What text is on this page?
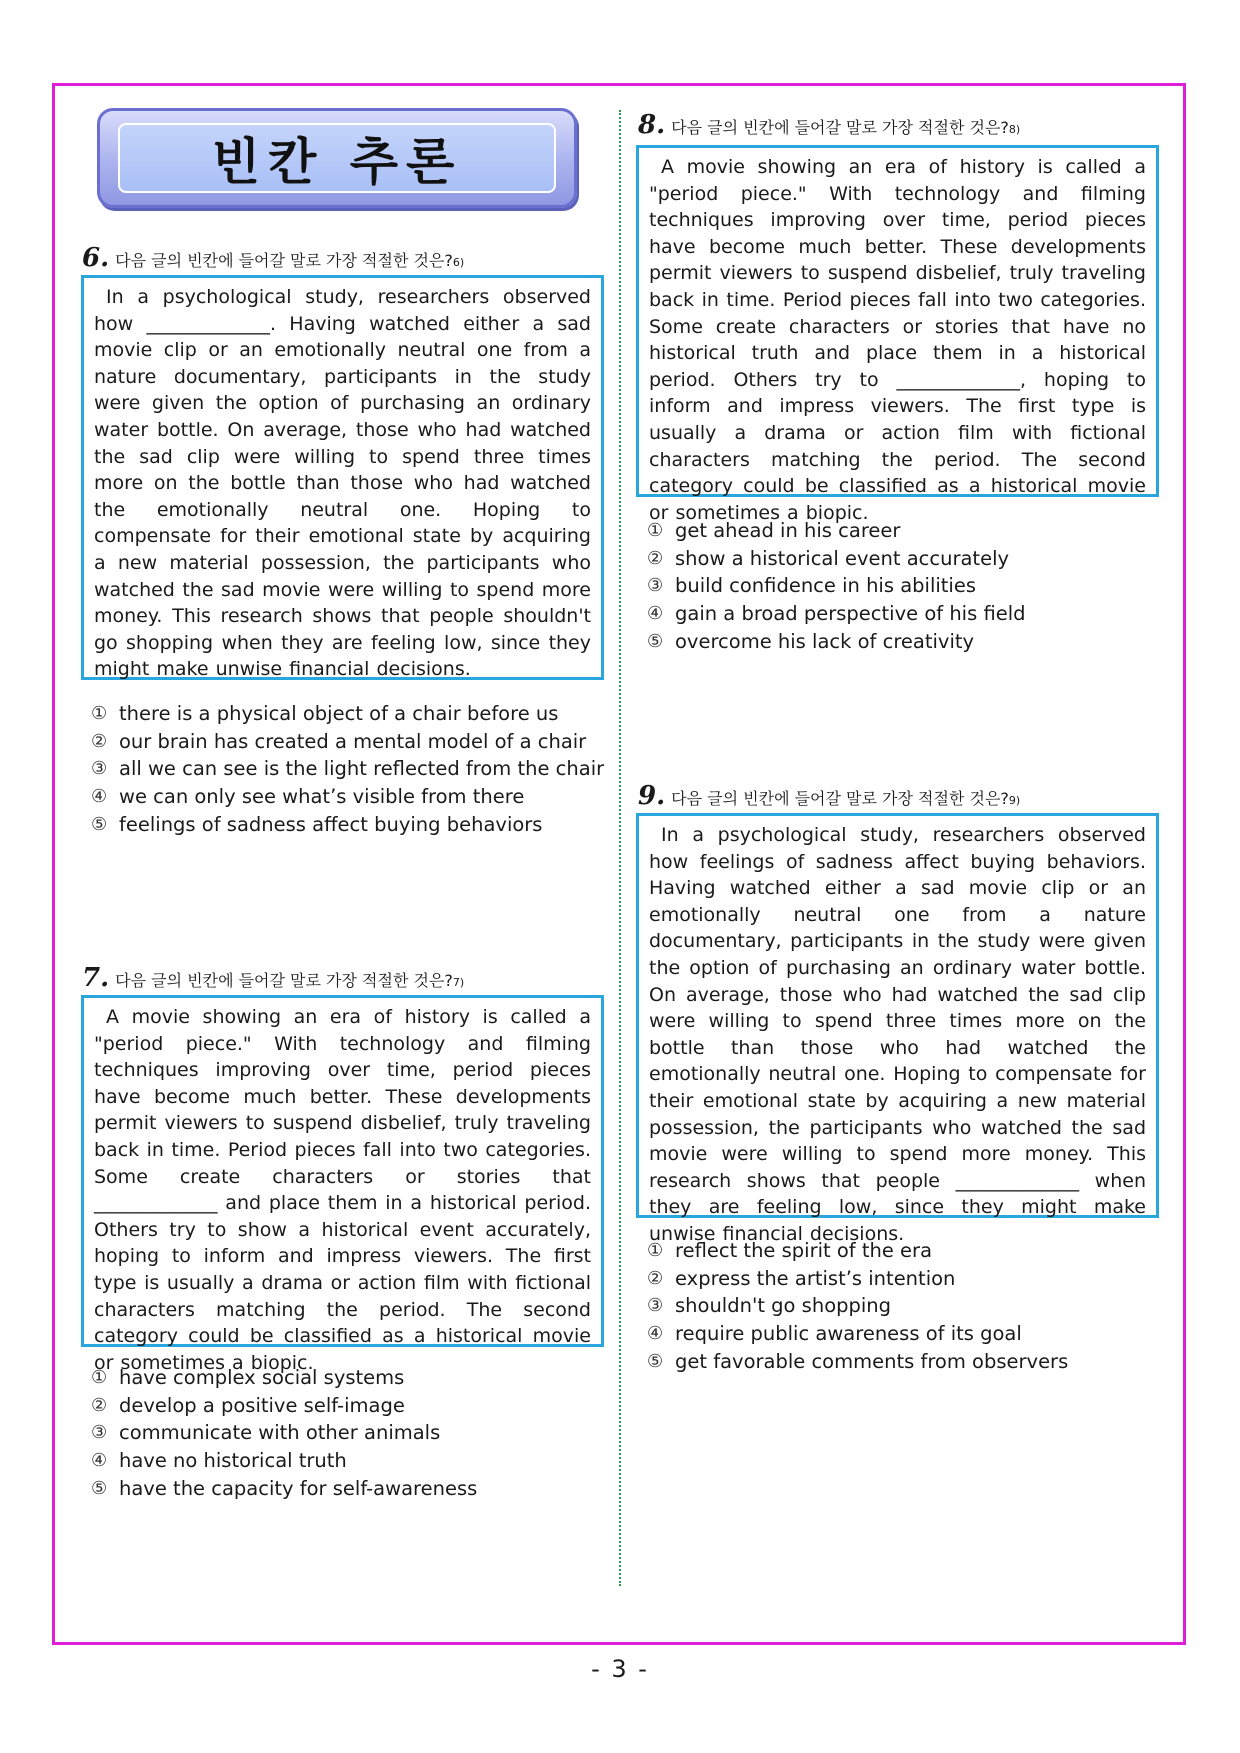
빈칸 추론
6. 다음 글의 빈칸에 들어갈 말로 가장 적절한 것은? 6)
In a psychological study, researchers observed how _____________. Having watched either a sad movie clip or an emotionally neutral one from a nature documentary, participants in the study were given the option of purchasing an ordinary water bottle. On average, those who had watched the sad clip were willing to spend three times more on the bottle than those who had watched the emotionally neutral one. Hoping to compensate for their emotional state by acquiring a new material possession, the participants who watched the sad movie were willing to spend more money. This research shows that people shouldn't go shopping when they are feeling low, since they might make unwise financial decisions.
① there is a physical object of a chair before us
② our brain has created a mental model of a chair
③ all we can see is the light reflected from the chair
④ we can only see what’s visible from there
⑤ feelings of sadness affect buying behaviors
7. 다음 글의 빈칸에 들어갈 말로 가장 적절한 것은? 7)
A movie showing an era of history is called a "period piece." With technology and filming techniques improving over time, period pieces have become much better. These developments permit viewers to suspend disbelief, truly traveling back in time. Period pieces fall into two categories. Some create characters or stories that _____________ and place them in a historical period. Others try to show a historical event accurately, hoping to inform and impress viewers. The first type is usually a drama or action film with fictional characters matching the period. The second category could be classified as a historical movie or sometimes a biopic.
① have complex social systems
② develop a positive self-image
③ communicate with other animals
④ have no historical truth
⑤ have the capacity for self-awareness
8. 다음 글의 빈칸에 들어갈 말로 가장 적절한 것은? 8)
A movie showing an era of history is called a "period piece." With technology and filming techniques improving over time, period pieces have become much better. These developments permit viewers to suspend disbelief, truly traveling back in time. Period pieces fall into two categories. Some create characters or stories that have no historical truth and place them in a historical period. Others try to _____________, hoping to inform and impress viewers. The first type is usually a drama or action film with fictional characters matching the period. The second category could be classified as a historical movie or sometimes a biopic.
① get ahead in his career
② show a historical event accurately
③ build confidence in his abilities
④ gain a broad perspective of his field
⑤ overcome his lack of creativity
9. 다음 글의 빈칸에 들어갈 말로 가장 적절한 것은? 9)
In a psychological study, researchers observed how feelings of sadness affect buying behaviors. Having watched either a sad movie clip or an emotionally neutral one from a nature documentary, participants in the study were given the option of purchasing an ordinary water bottle. On average, those who had watched the sad clip were willing to spend three times more on the bottle than those who had watched the emotionally neutral one. Hoping to compensate for their emotional state by acquiring a new material possession, the participants who watched the sad movie were willing to spend more money. This research shows that people _____________ when they are feeling low, since they might make unwise financial decisions.
① reflect the spirit of the era
② express the artist’s intention
③ shouldn't go shopping
④ require public awareness of its goal
⑤ get favorable comments from observers
- 3 -
